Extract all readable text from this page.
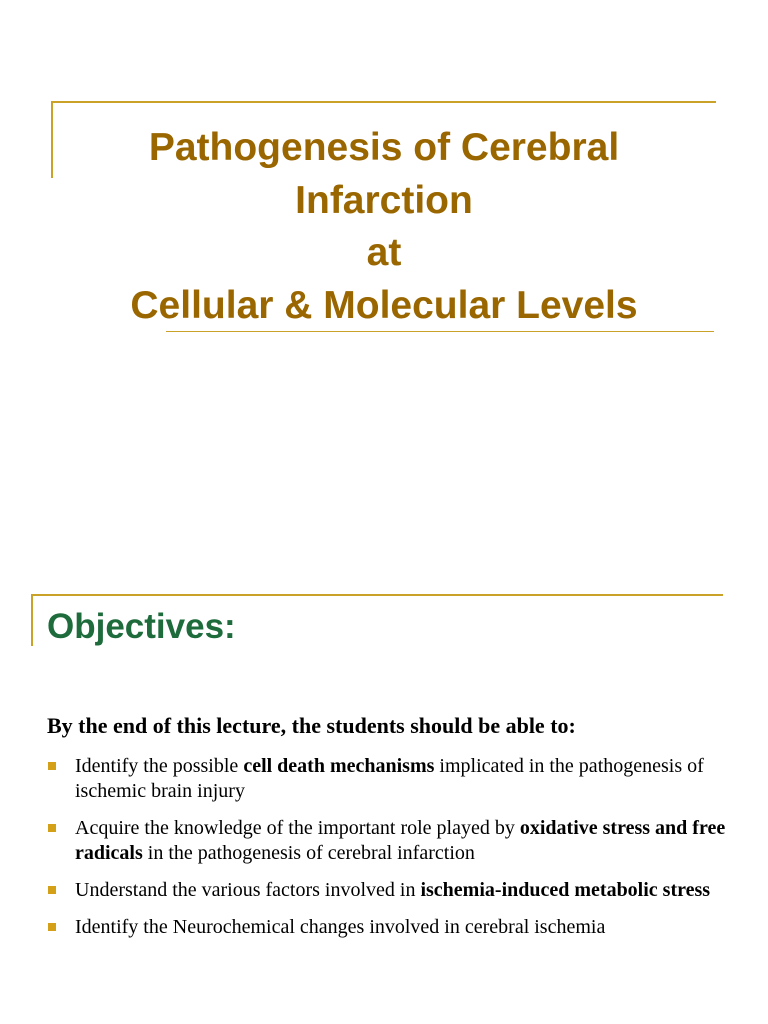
Pathogenesis of Cerebral
Infarction
at
Cellular & Molecular Levels
Objectives:

By the end of this lecture, the students should be able to:

Identify the possible cell death mechanisms implicated in the pathogenesis of ischemic brain injury
Acquire the knowledge of the important role played by oxidative stress and free radicals in the pathogenesis of cerebral infarction
Understand the various factors involved in ischemia-induced metabolic stress
Identify the Neurochemical changes involved in cerebral ischemia
